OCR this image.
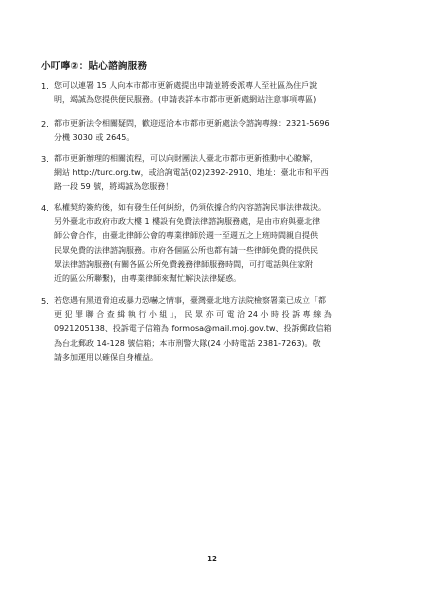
小叮嚀②：貼心諮詢服務
1. 您可以連署 15 人向本市都市更新處提出申請並將委派專人至社區為住戶說
明，竭誠為您提供便民服務。(申請表詳本市都市更新處網站注意事項專區)
2. 都市更新法令相關疑問，歡迎逕洽本市都市更新處法令諮詢專線：2321-5696
分機 3030 或 2645。
3. 都市更新辦理的相關流程，可以向財團法人臺北市都市更新推動中心瞭解，
網站 http://turc.org.tw，或洽詢電話(02)2392-2910、地址：臺北市和平西
路一段 59 號，將竭誠為您服務！
4. 私權契約簽約後，如有發生任何糾紛，仍須依據合約內容諮詢民事法律裁決。
另外臺北市政府市政大樓 1 樓設有免費法律諮詢服務處，是由市府與臺北律
師公會合作，由臺北律師公會的專業律師於週一至週五之上班時間親自提供
民眾免費的法律諮詢服務。市府各個區公所也都有請一些律師免費的提供民
眾法律諮詢服務(有關各區公所免費義務律師服務時間，可打電話與住家附
近的區公所聯繫)，由專業律師來幫忙解決法律疑惑。
5. 若您遇有黑道脅迫或暴力恐嚇之情事，臺灣臺北地方法院檢察署業已成立「都
更 犯 罪 聯 合 查 緝 執 行 小 組 」， 民 眾 亦 可 電 洽 24 小 時 投 訴 專 線 為
0921205138、投訴電子信箱為 formosa@mail.moj.gov.tw、投訴郵政信箱
為台北郵政 14-128 號信箱；本市刑警大隊(24 小時電話 2381-7263)。敬
請多加運用以確保自身權益。
12
